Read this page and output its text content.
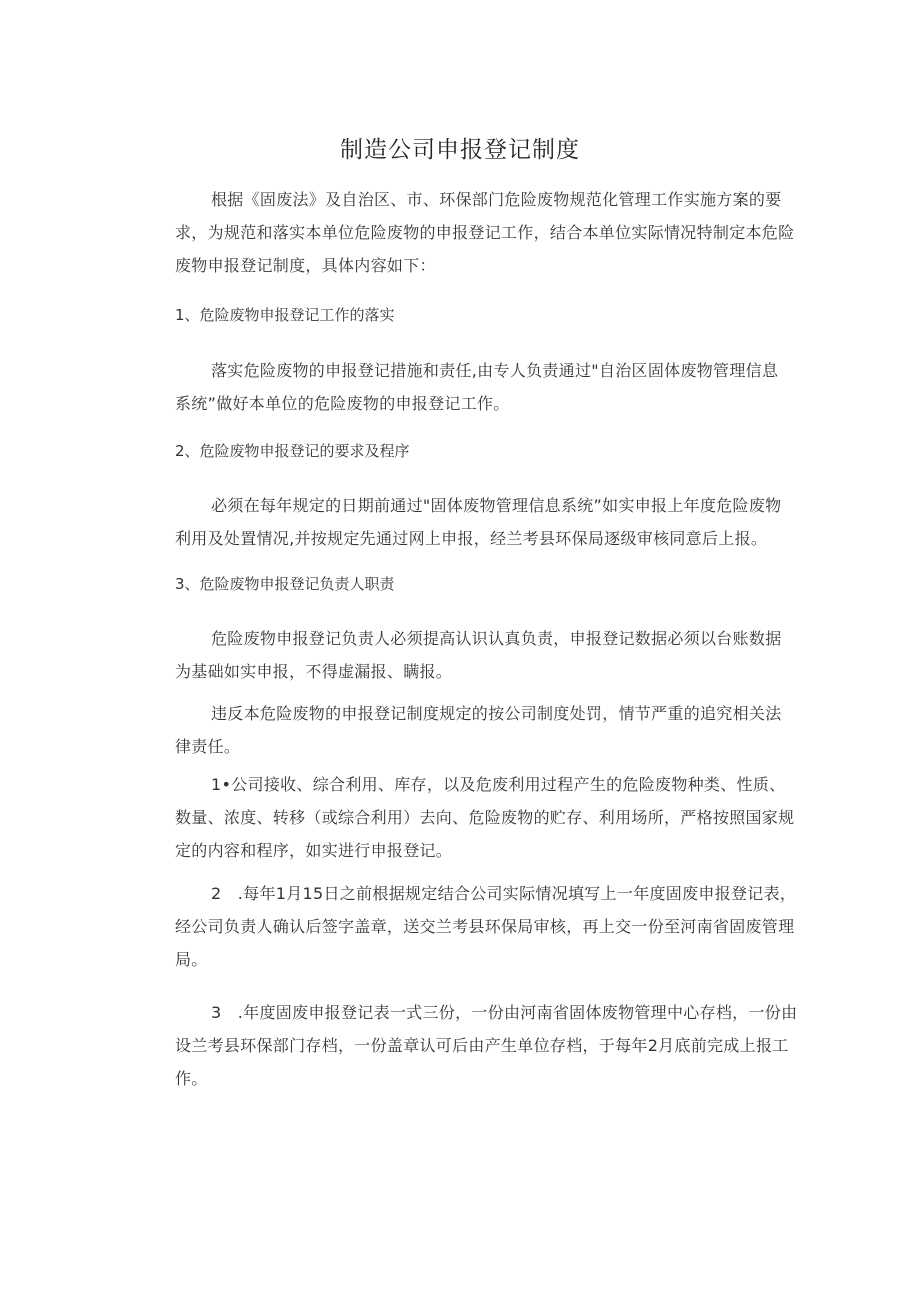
制造公司申报登记制度
根据《固废法》及自治区、市、环保部门危险废物规范化管理工作实施方案的要
求，为规范和落实本单位危险废物的申报登记工作，结合本单位实际情况特制定本危险
废物申报登记制度，具体内容如下：
1、危险废物申报登记工作的落实
落实危险废物的申报登记措施和责任,由专人负责通过"自治区固体废物管理信息
系统”做好本单位的危险废物的申报登记工作。
2、危险废物申报登记的要求及程序
必须在每年规定的日期前通过"固体废物管理信息系统”如实申报上年度危险废物
利用及处置情况,并按规定先通过网上申报，经兰考县环保局逐级审核同意后上报。
3、危险废物申报登记负责人职责
危险废物申报登记负责人必须提高认识认真负责，申报登记数据必须以台账数据
为基础如实申报，不得虚漏报、瞒报。
违反本危险废物的申报登记制度规定的按公司制度处罚，情节严重的追究相关法
律责任。
1•公司接收、综合利用、库存，以及危废利用过程产生的危险废物种类、性质、
数量、浓度、转移（或综合利用）去向、危险废物的贮存、利用场所，严格按照国家规
定的内容和程序，如实进行申报登记。
2　.每年1月15日之前根据规定结合公司实际情况填写上一年度固废申报登记表，
经公司负责人确认后签字盖章，送交兰考县环保局审核，再上交一份至河南省固废管理
局。
3　.年度固废申报登记表一式三份，一份由河南省固体废物管理中心存档，一份由
设兰考县环保部门存档，一份盖章认可后由产生单位存档，于每年2月底前完成上报工
作。
